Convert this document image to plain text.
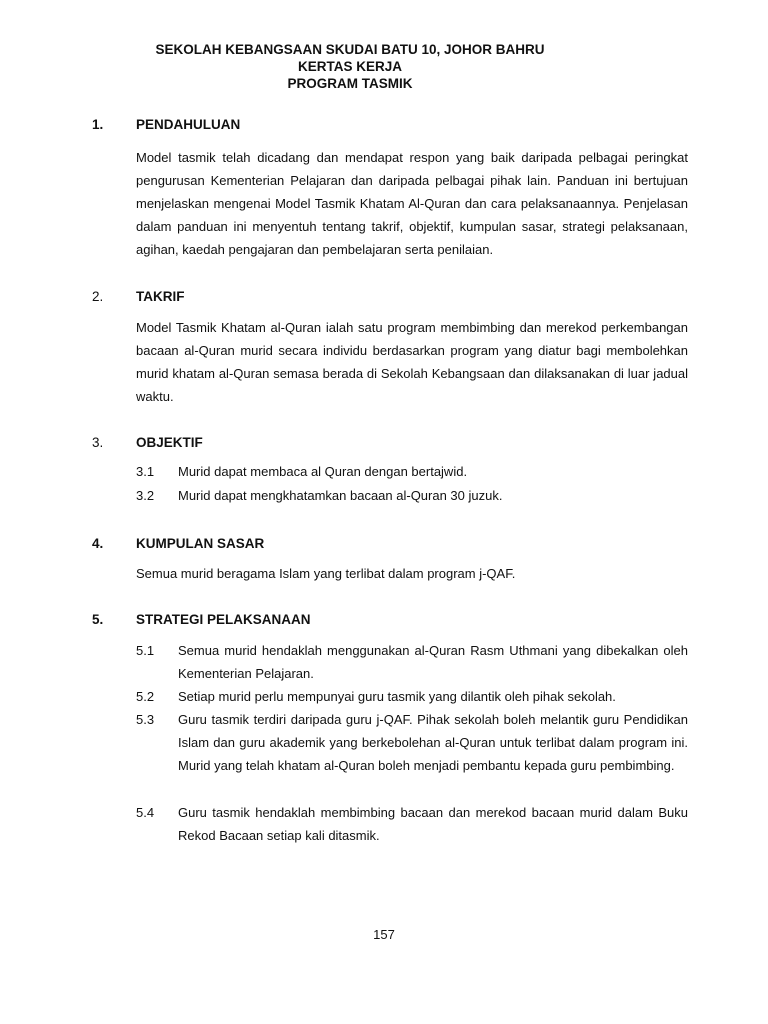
SEKOLAH KEBANGSAAN SKUDAI BATU 10, JOHOR BAHRU
KERTAS KERJA
PROGRAM TASMIK
1. PENDAHULUAN
Model tasmik telah dicadang dan mendapat respon yang baik daripada pelbagai peringkat pengurusan Kementerian Pelajaran dan daripada pelbagai pihak lain. Panduan ini bertujuan menjelaskan mengenai Model Tasmik Khatam Al-Quran dan cara pelaksanaannya. Penjelasan dalam panduan ini menyentuh tentang takrif, objektif, kumpulan sasar, strategi pelaksanaan, agihan, kaedah pengajaran dan pembelajaran serta penilaian.
2. TAKRIF
Model Tasmik Khatam al-Quran ialah satu program membimbing dan merekod perkembangan bacaan al-Quran murid secara individu berdasarkan program yang diatur bagi membolehkan murid khatam al-Quran semasa berada di Sekolah Kebangsaan dan dilaksanakan di luar jadual waktu.
3. OBJEKTIF
3.1 Murid dapat membaca al Quran dengan bertajwid.
3.2 Murid dapat mengkhatamkan bacaan al-Quran 30 juzuk.
4. KUMPULAN SASAR
Semua murid beragama Islam yang terlibat dalam program j-QAF.
5. STRATEGI PELAKSANAAN
5.1 Semua murid hendaklah menggunakan al-Quran Rasm Uthmani yang dibekalkan oleh Kementerian Pelajaran.
5.2 Setiap murid perlu mempunyai guru tasmik yang dilantik oleh pihak sekolah.
5.3 Guru tasmik terdiri daripada guru j-QAF. Pihak sekolah boleh melantik guru Pendidikan Islam dan guru akademik yang berkebolehan al-Quran untuk terlibat dalam program ini. Murid yang telah khatam al-Quran boleh menjadi pembantu kepada guru pembimbing.
5.4 Guru tasmik hendaklah membimbing bacaan dan merekod bacaan murid dalam Buku Rekod Bacaan setiap kali ditasmik.
157
